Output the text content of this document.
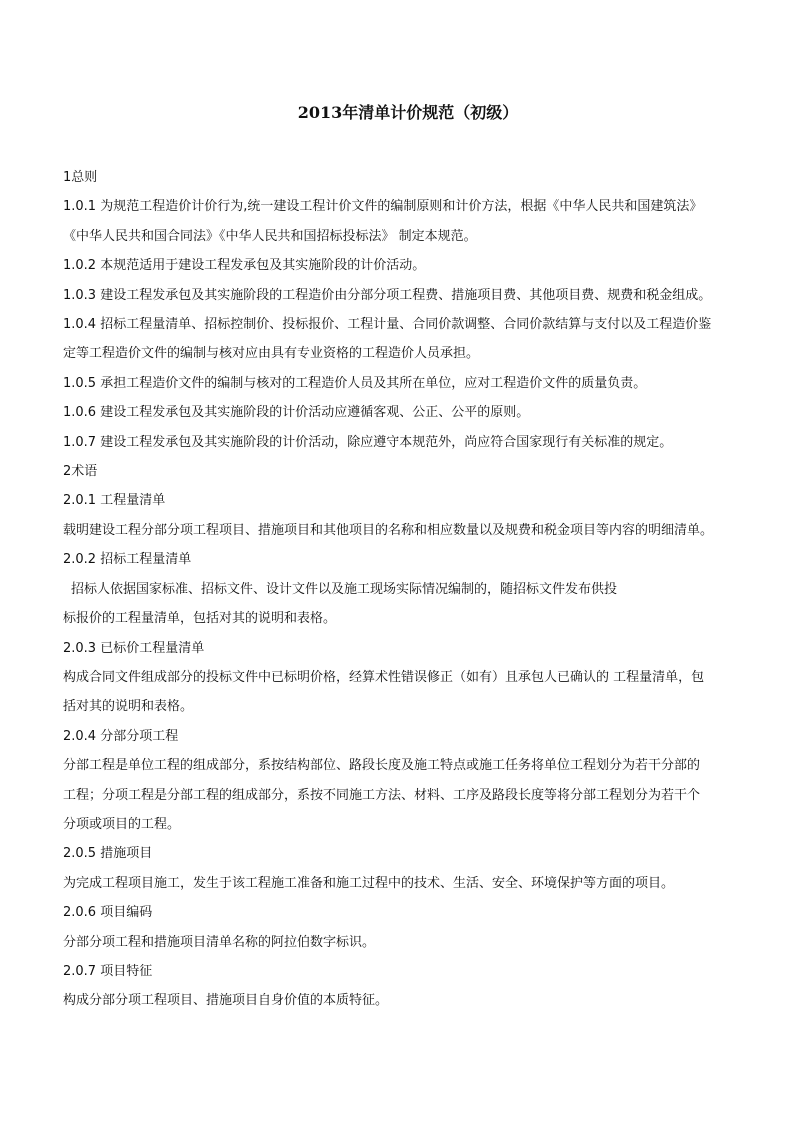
2013年清单计价规范（初级）

1总则

1.0.1 为规范工程造价计价行为,统一建设工程计价文件的编制原则和计价方法，根据《中华人民共和国建筑法》

《中华人民共和国合同法》《中华人民共和国招标投标法》 制定本规范。

1.0.2 本规范适用于建设工程发承包及其实施阶段的计价活动。

1.0.3 建设工程发承包及其实施阶段的工程造价由分部分项工程费、措施项目费、其他项目费、规费和税金组成。

1.0.4 招标工程量清单、招标控制价、投标报价、工程计量、合同价款调整、合同价款结算与支付以及工程造价鉴

定等工程造价文件的编制与核对应由具有专业资格的工程造价人员承担。

1.0.5 承担工程造价文件的编制与核对的工程造价人员及其所在单位，应对工程造价文件的质量负责。

1.0.6 建设工程发承包及其实施阶段的计价活动应遵循客观、公正、公平的原则。

1.0.7 建设工程发承包及其实施阶段的计价活动，除应遵守本规范外，尚应符合国家现行有关标准的规定。

2术语

2.0.1 工程量清单

载明建设工程分部分项工程项目、措施项目和其他项目的名称和相应数量以及规费和税金项目等内容的明细清单。

2.0.2 招标工程量清单

招标人依据国家标准、招标文件、设计文件以及施工现场实际情况编制的，随招标文件发布供投

标报价的工程量清单，包括对其的说明和表格。

2.0.3 已标价工程量清单

构成合同文件组成部分的投标文件中已标明价格，经算术性错误修正（如有）且承包人已确认的 工程量清单，包

括对其的说明和表格。

2.0.4 分部分项工程

分部工程是单位工程的组成部分，系按结构部位、路段长度及施工特点或施工任务将单位工程划分为若干分部的

工程；分项工程是分部工程的组成部分，系按不同施工方法、材料、工序及路段长度等将分部工程划分为若干个

分项或项目的工程。

2.0.5 措施项目

为完成工程项目施工，发生于该工程施工准备和施工过程中的技术、生活、安全、环境保护等方面的项目。

2.0.6 项目编码

分部分项工程和措施项目清单名称的阿拉伯数字标识。

2.0.7 项目特征

构成分部分项工程项目、措施项目自身价值的本质特征。
